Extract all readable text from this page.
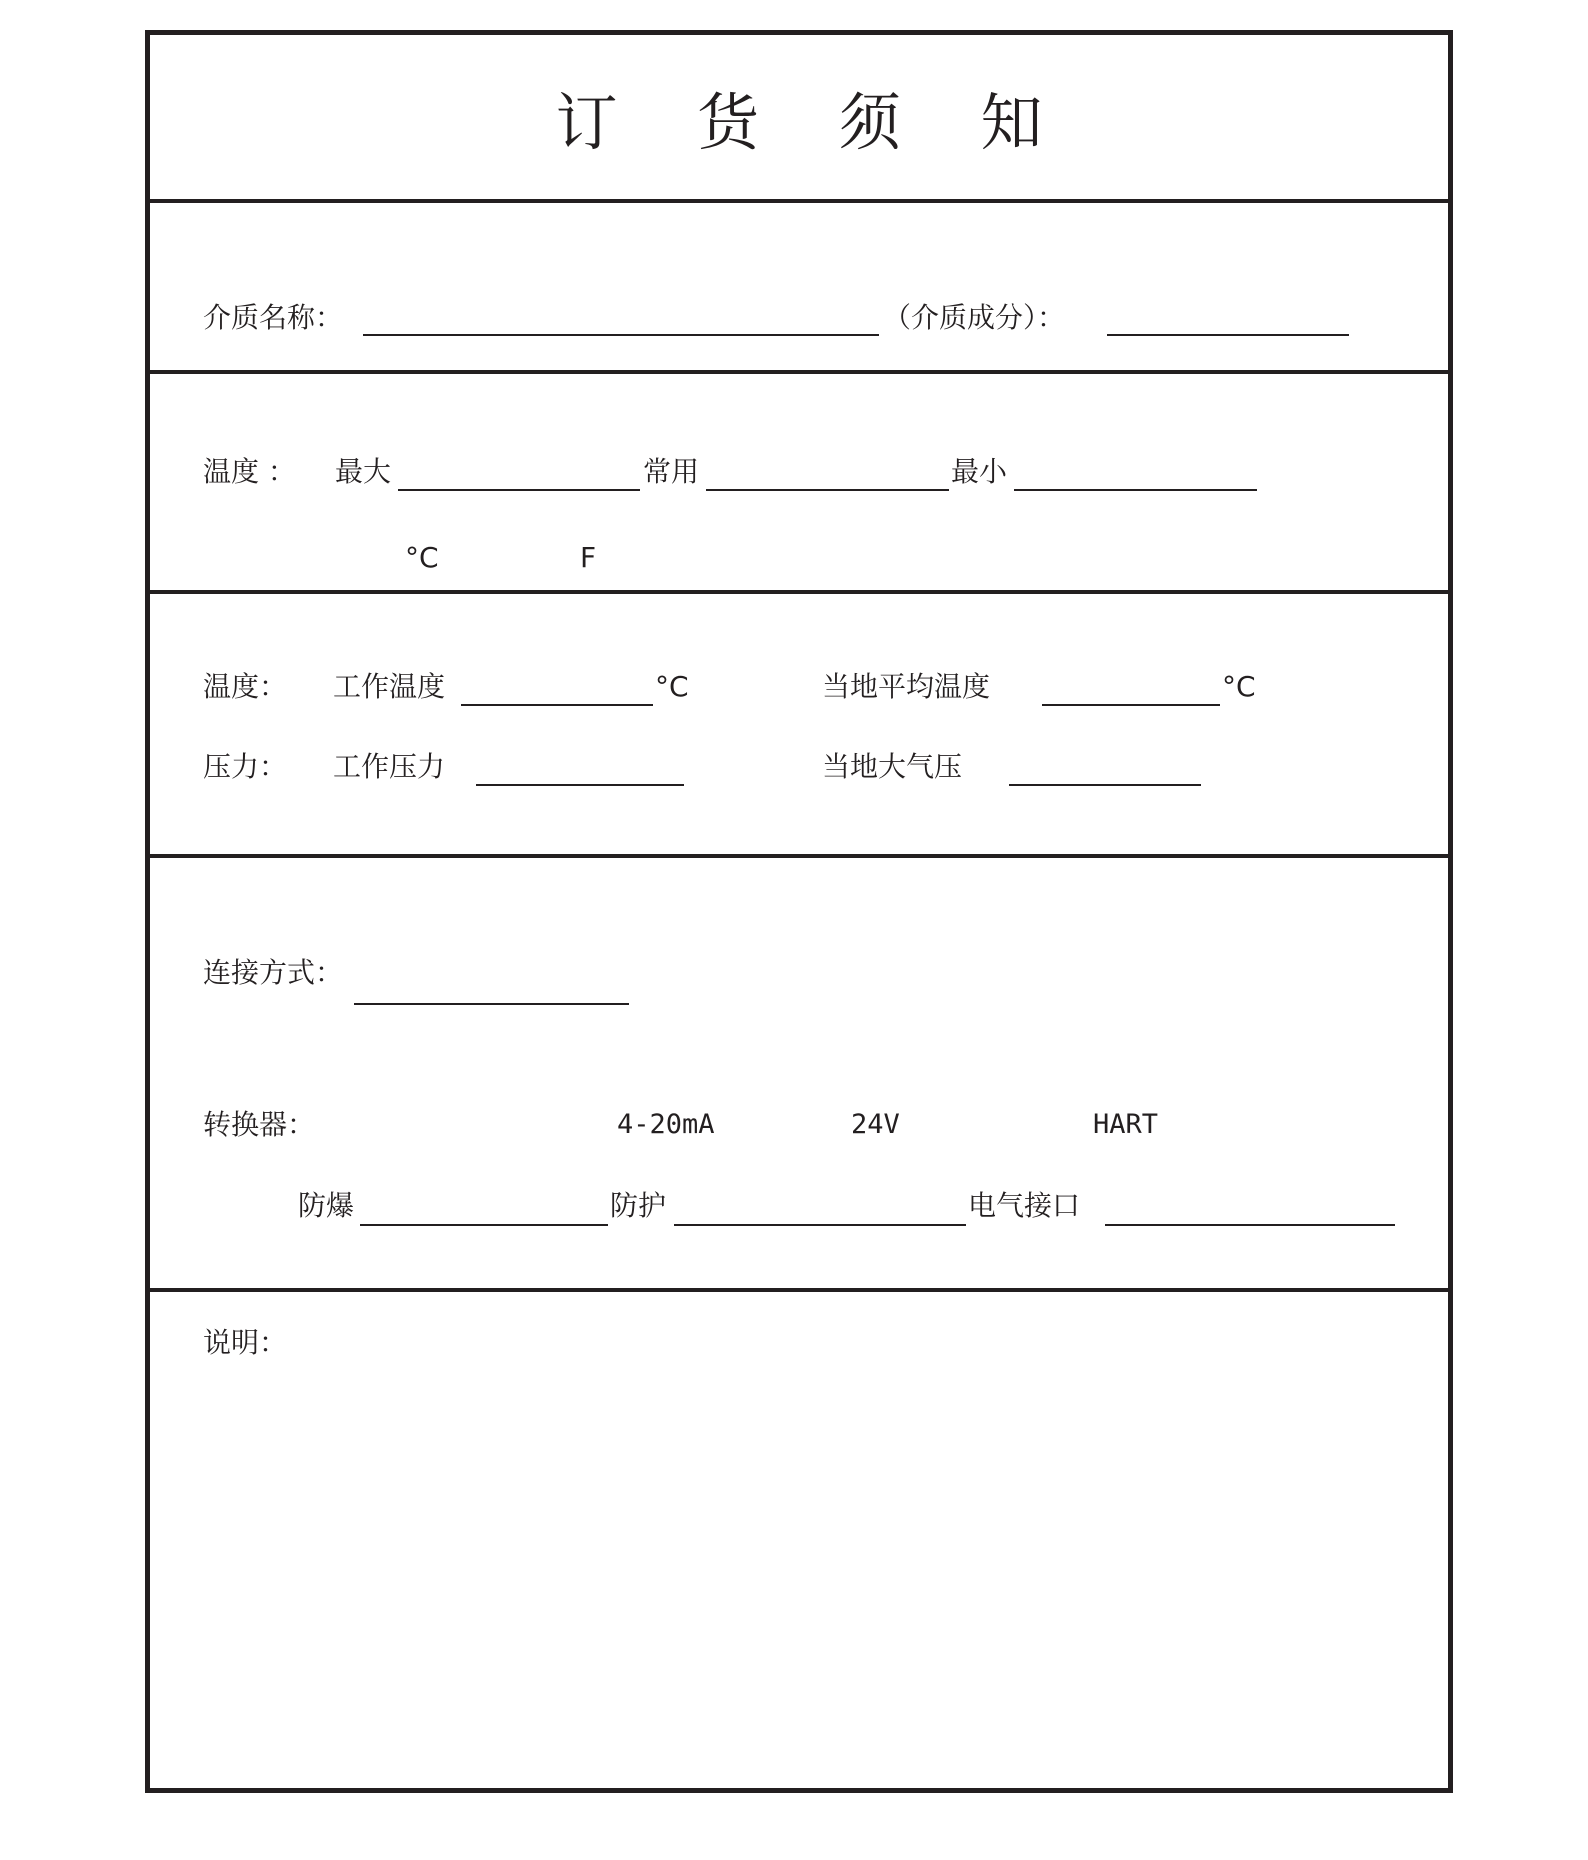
订 货 须 知
介质名称：	（介质成分）：
温度 ： 最大	常用	最小
°C	F
温度： 工作温度	°C	当地平均温度	°C
压力： 工作压力	当地大气压
连接方式：
转换器：	4-20mA	24V	HART
防爆	防护	电气接口
说明：
